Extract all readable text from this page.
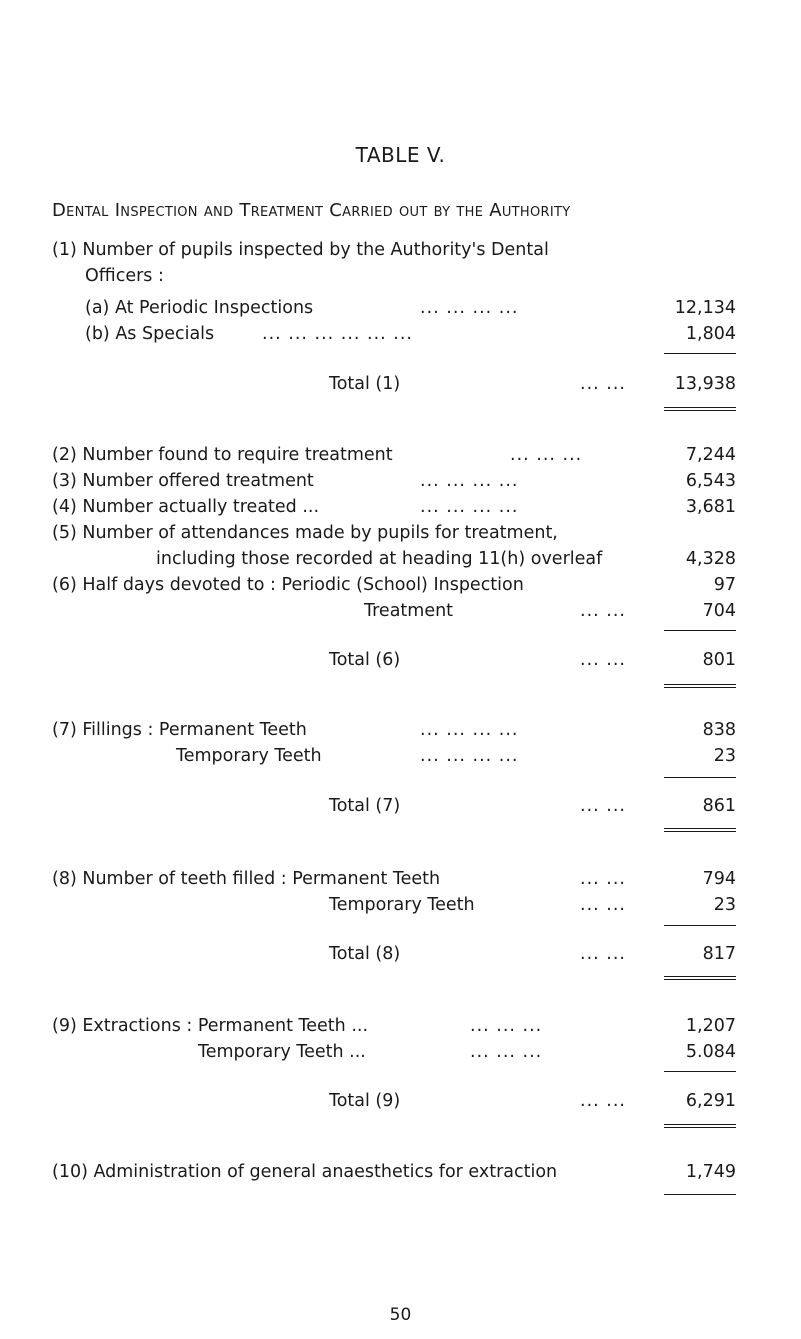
TABLE V.
Dental Inspection and Treatment Carried out by the Authority
(1) Number of pupils inspected by the Authority's Dental
Officers :
(a) At Periodic Inspections	... ... ... ...	12,134
(b) As Specials	... ... ... ... ... ...	1,804
Total (1)	... ...	13,938
(2) Number found to require treatment	... ... ...	7,244
(3) Number offered treatment	... ... ... ...	6,543
(4) Number actually treated ...	... ... ... ...	3,681
(5) Number of attendances made by pupils for treatment,
including those recorded at heading 11(h) overleaf	4,328
(6) Half days devoted to : Periodic (School) Inspection	97
Treatment	... ...	704
Total (6)	... ...	801
(7) Fillings : Permanent Teeth	... ... ... ...	838
Temporary Teeth	... ... ... ...	23
Total (7)	... ...	861
(8) Number of teeth filled : Permanent Teeth	... ...	794
Temporary Teeth	... ...	23
Total (8)	... ...	817
(9) Extractions : Permanent Teeth ...	... ... ...	1,207
Temporary Teeth ...	... ... ...	5.084
Total (9)	... ...	6,291
(10) Administration of general anaesthetics for extraction	1,749
50
